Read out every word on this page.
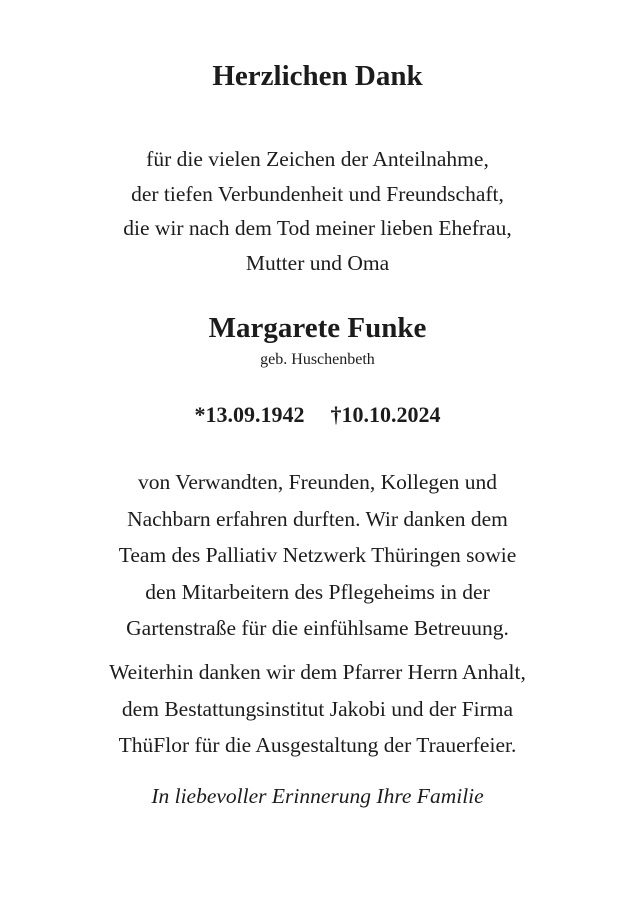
Herzlichen Dank
für die vielen Zeichen der Anteilnahme,
der tiefen Verbundenheit und Freundschaft,
die wir nach dem Tod meiner lieben Ehefrau,
Mutter und Oma
Margarete Funke

geb. Huschenbeth

*13.09.1942 †10.10.2024

von Verwandten, Freunden, Kollegen und
Nachbarn erfahren durften. Wir danken dem
Team des Palliativ Netzwerk Thüringen sowie
den Mitarbeitern des Pflegeheims in der
Gartenstraße für die einfühlsame Betreuung.
Weiterhin danken wir dem Pfarrer Herrn Anhalt,
dem Bestattungsinstitut Jakobi und der Firma
ThüFlor für die Ausgestaltung der Trauerfeier.

In liebevoller Erinnerung Ihre Familie
